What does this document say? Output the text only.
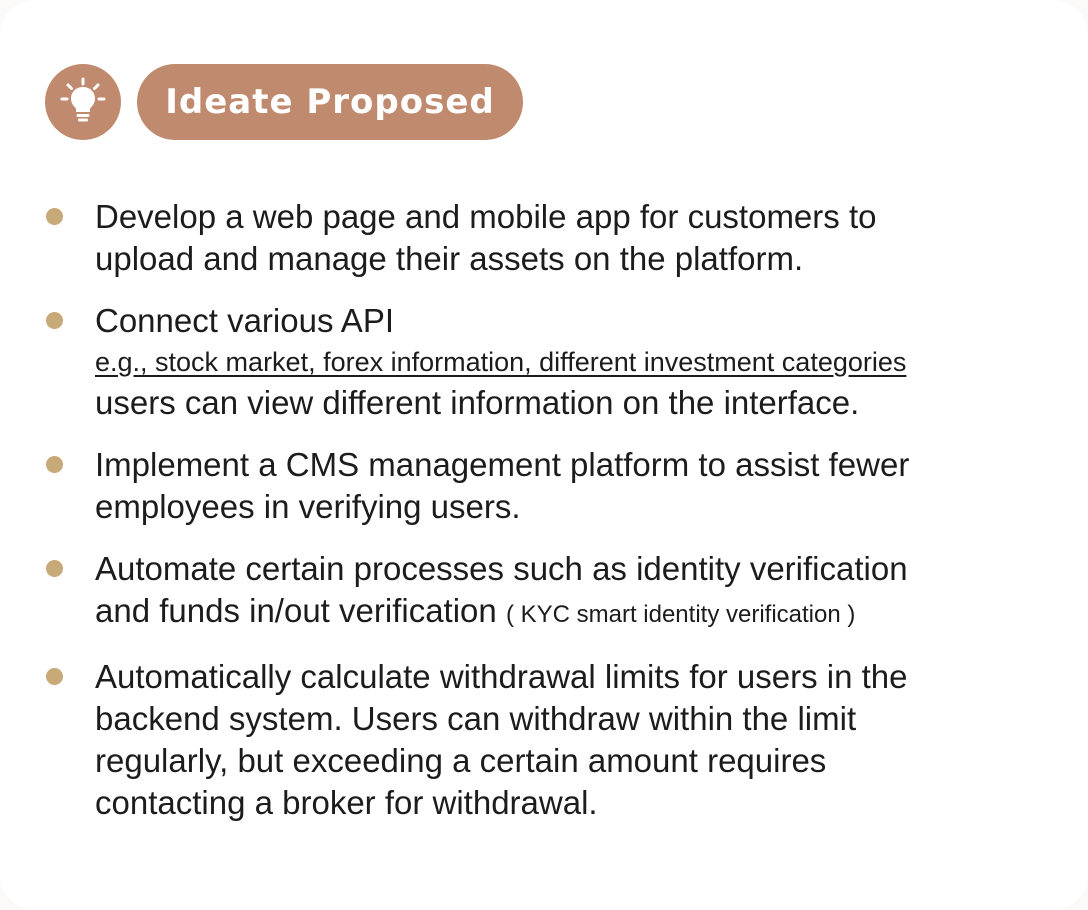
Ideate Proposed
Develop a web page and mobile app for customers to
upload and manage their assets on the platform.
Connect various API
e.g., stock market, forex information, different investment categories
users can view different information on the interface.
Implement a CMS management platform to assist fewer
employees in verifying users.
Automate certain processes such as identity verification
and funds in/out verification ( KYC smart identity verification )
Automatically calculate withdrawal limits for users in the
backend system. Users can withdraw within the limit
regularly, but exceeding a certain amount requires
contacting a broker for withdrawal.
